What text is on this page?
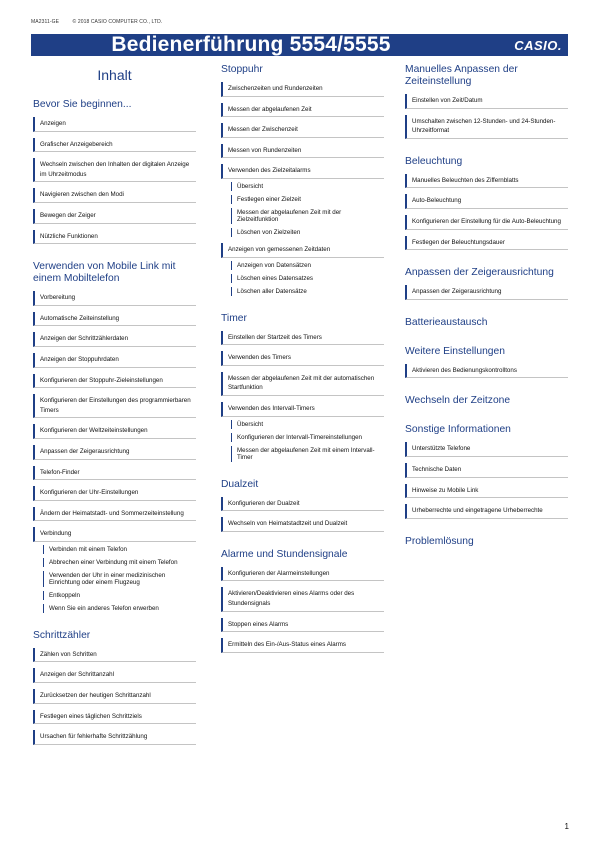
MA2311-GE	© 2018 CASIO COMPUTER CO., LTD.
Bedienerführung 5554/5555	CASIO.
Inhalt
Bevor Sie beginnen...
Anzeigen
Grafischer Anzeigebereich
Wechseln zwischen den Inhalten der digitalen Anzeige im Uhrzeitmodus
Navigieren zwischen den Modi
Bewegen der Zeiger
Nützliche Funktionen
Verwenden von Mobile Link mit einem Mobiltelefon
Vorbereitung
Automatische Zeiteinstellung
Anzeigen der Schrittzählerdaten
Anzeigen der Stoppuhrdaten
Konfigurieren der Stoppuhr-Zieleinstellungen
Konfigurieren der Einstellungen des programmierbaren Timers
Konfigurieren der Weltzeiteinstellungen
Anpassen der Zeigerausrichtung
Telefon-Finder
Konfigurieren der Uhr-Einstellungen
Ändern der Heimatstadt- und Sommerzeiteinstellung
Verbindung
Verbinden mit einem Telefon
Abbrechen einer Verbindung mit einem Telefon
Verwenden der Uhr in einer medizinischen Einrichtung oder einem Flugzeug
Entkoppeln
Wenn Sie ein anderes Telefon erwerben
Schrittzähler
Zählen von Schritten
Anzeigen der Schrittanzahl
Zurücksetzen der heutigen Schrittanzahl
Festlegen eines täglichen Schrittziels
Ursachen für fehlerhafte Schrittzählung
Stoppuhr
Zwischenzeiten und Rundenzeiten
Messen der abgelaufenen Zeit
Messen der Zwischenzeit
Messen von Rundenzeiten
Verwenden des Zielzeitalarms
Übersicht
Festlegen einer Zielzeit
Messen der abgelaufenen Zeit mit der Zielzeitfunktion
Löschen von Zielzeiten
Anzeigen von gemessenen Zeitdaten
Anzeigen von Datensätzen
Löschen eines Datensatzes
Löschen aller Datensätze
Timer
Einstellen der Startzeit des Timers
Verwenden des Timers
Messen der abgelaufenen Zeit mit der automatischen Startfunktion
Verwenden des Intervall-Timers
Übersicht
Konfigurieren der Intervall-Timereinstellungen
Messen der abgelaufenen Zeit mit einem Intervall-Timer
Dualzeit
Konfigurieren der Dualzeit
Wechseln von Heimatstadtzeit und Dualzeit
Alarme und Stundensignale
Konfigurieren der Alarmeinstellungen
Aktivieren/Deaktivieren eines Alarms oder des Stundensignals
Stoppen eines Alarms
Ermitteln des Ein-/Aus-Status eines Alarms
Manuelles Anpassen der Zeiteinstellung
Einstellen von Zeit/Datum
Umschalten zwischen 12-Stunden- und 24-Stunden-Uhrzeitformat
Beleuchtung
Manuelles Beleuchten des Ziffernblatts
Auto-Beleuchtung
Konfigurieren der Einstellung für die Auto-Beleuchtung
Festlegen der Beleuchtungsdauer
Anpassen der Zeigerausrichtung
Anpassen der Zeigerausrichtung
Batterieaustausch
Weitere Einstellungen
Aktivieren des Bedienungskontrolltons
Wechseln der Zeitzone
Sonstige Informationen
Unterstützte Telefone
Technische Daten
Hinweise zu Mobile Link
Urheberrechte und eingetragene Urheberrechte
Problemlösung
1
